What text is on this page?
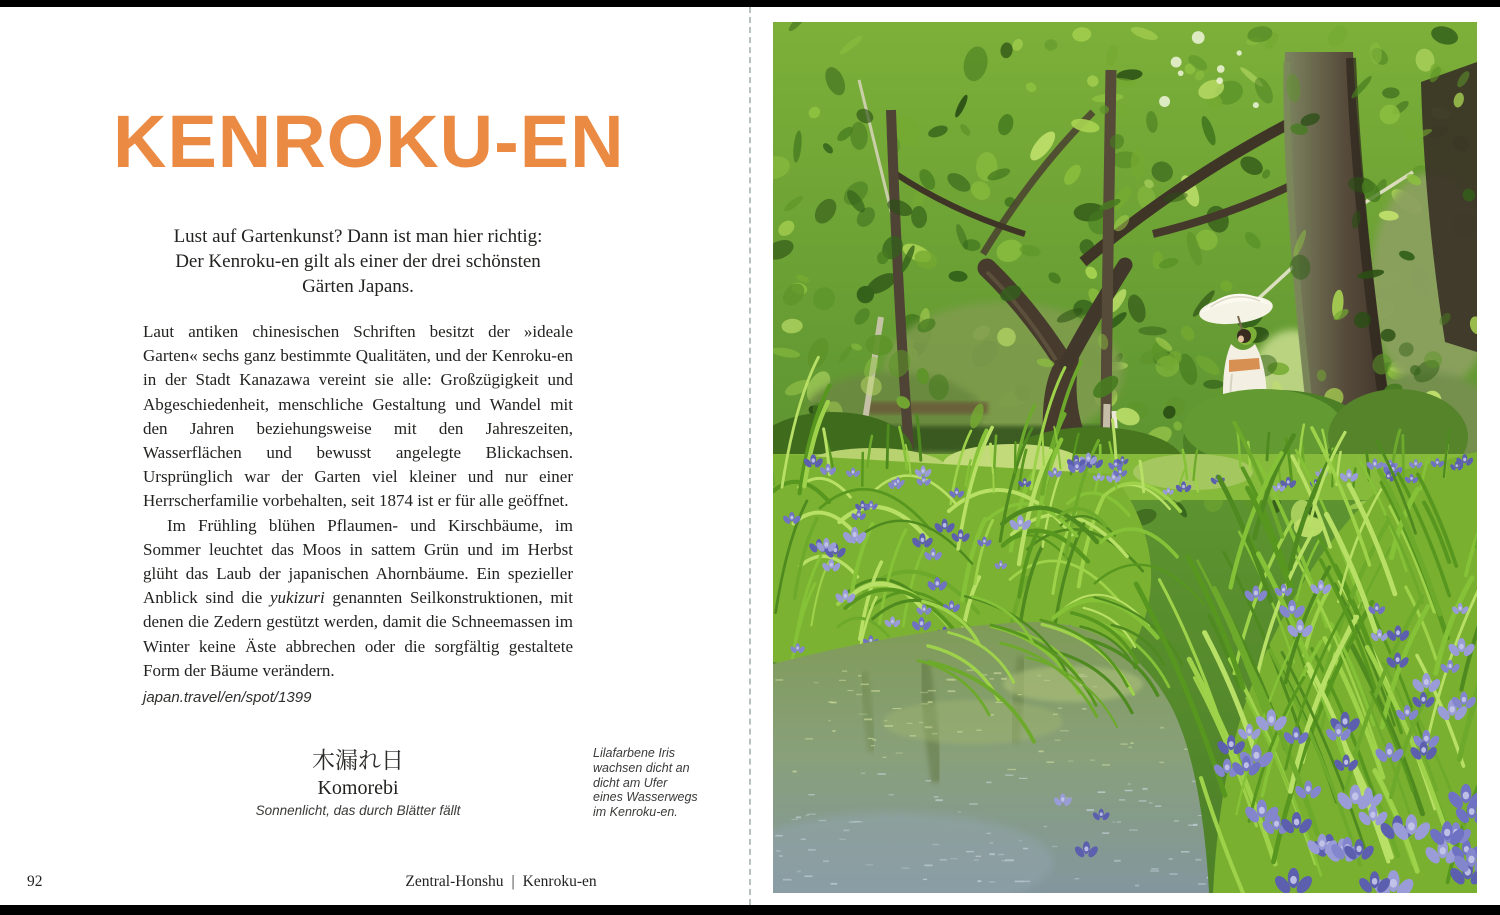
KENROKU-EN
Lust auf Gartenkunst? Dann ist man hier richtig:
Der Kenroku-en gilt als einer der drei schönsten
Gärten Japans.

Laut antiken chinesischen Schriften besitzt der »ideale Garten« sechs ganz bestimmte Qualitäten, und der Kenroku-en in der Stadt Kanazawa vereint sie alle: Großzügigkeit und Abgeschiedenheit, menschliche Gestaltung und Wandel mit den Jahren beziehungsweise mit den Jahreszeiten, Wasserflächen und bewusst angelegte Blickachsen. Ursprünglich war der Garten viel kleiner und nur einer Herrscherfamilie vorbehalten, seit 1874 ist er für alle geöffnet.

Im Frühling blühen Pflaumen- und Kirschbäume, im Sommer leuchtet das Moos in sattem Grün und im Herbst glüht das Laub der japanischen Ahornbäume. Ein spezieller Anblick sind die yukizuri genannten Seilkonstruktionen, mit denen die Zedern gestützt werden, damit die Schneemassen im Winter keine Äste abbrechen oder die sorgfältig gestaltete Form der Bäume verändern.

japan.travel/en/spot/1399
木漏れ日
Komorebi
Sonnenlicht, das durch Blätter fällt
Zentral-Honshu | Kenroku-en
Lilafarbene Iris wachsen dicht an dicht am Ufer eines Wasserwegs im Kenroku-en.
92
